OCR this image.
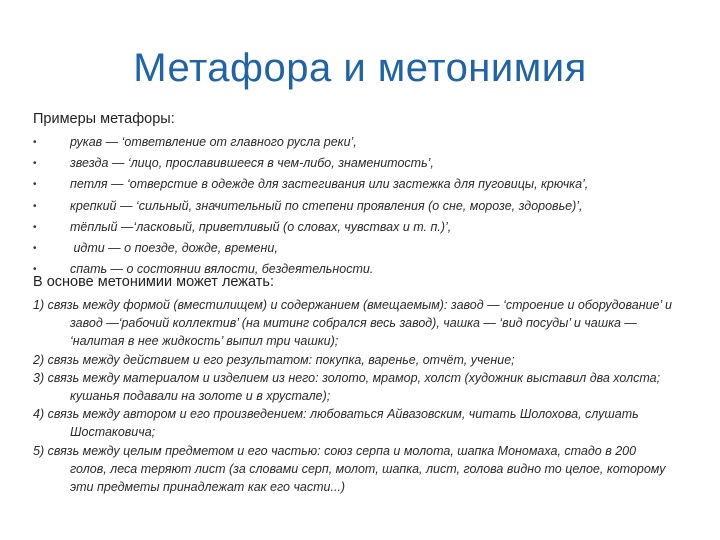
Метафора и метонимия
Примеры метафоры:
•	рукав — ‘ответвление от главного русла реки’,
•	звезда — ‘лицо, прославившееся в чем-либо, знаменитость’,
•	петля — ‘отверстие в одежде для застегивания или застежка для пуговицы, крючка’,
•	крепкий — ‘сильный, значительный по степени проявления (о сне, морозе, здоровье)’,
•	тёплый —‘ласковый, приветливый (о словах, чувствах и т. п.)’,
•	идти — о поезде, дожде, времени,
•	спать — о состоянии вялости, бездеятельности.
В основе метонимии может лежать:
1) связь между формой (вместилищем) и содержанием (вмещаемым): завод — ‘строение и оборудование’ и завод —‘рабочий коллектив’ (на митинг собрался весь завод), чашка — ‘вид посуды’ и чашка — ‘налитая в нее жидкость’ выпил три чашки);
2) связь между действием и его результатом: покупка, варенье, отчёт, учение;
3) связь между материалом и изделием из него: золото, мрамор, холст (художник выставил два холста; кушанья подавали на золоте и в хрустале);
4) связь между автором и его произведением: любоваться Айвазовским, читать Шолохова, слушать Шостаковича;
5) связь между целым предметом и его частью: союз серпа и молота, шапка Мономаха, стадо в 200 голов, леса теряют лист (за словами серп, молот, шапка, лист, голова видно то целое, которому эти предметы принадлежат как его части...)
